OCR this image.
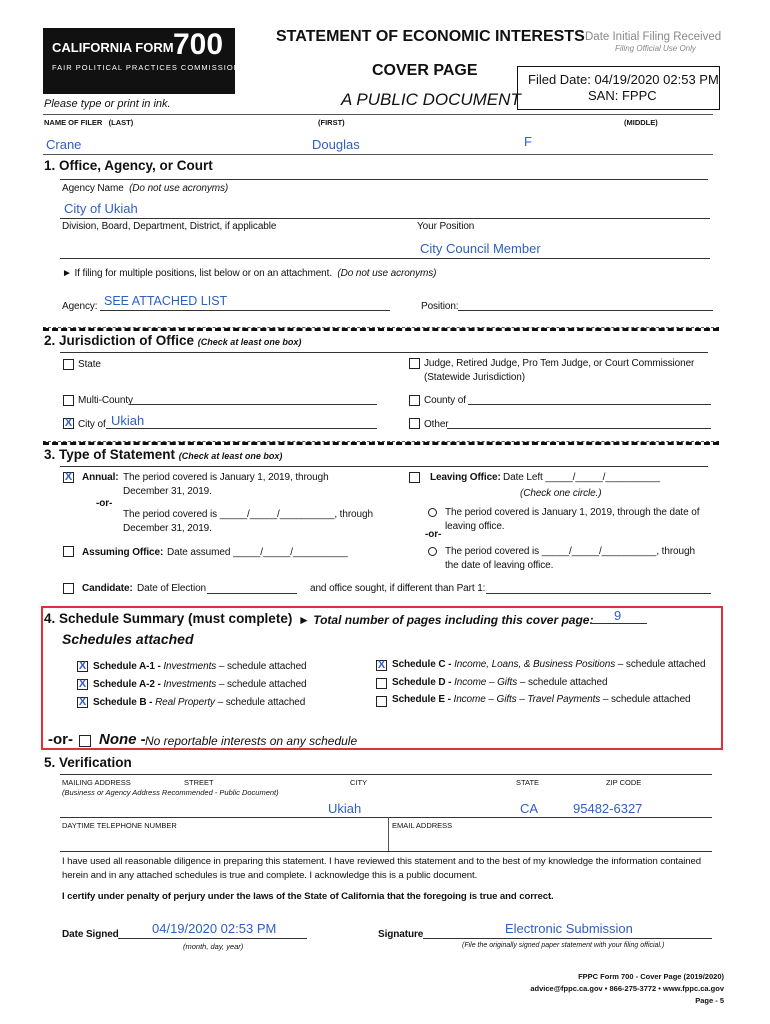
CALIFORNIA FORM 700
FAIR POLITICAL PRACTICES COMMISSION
STATEMENT OF ECONOMIC INTERESTS
COVER PAGE
A PUBLIC DOCUMENT
Please type or print in ink.
Date Initial Filing Received
Filing Official Use Only
Filed Date: 04/19/2020 02:53 PM
SAN: FPPC
NAME OF FILER (LAST)	(FIRST)	(MIDDLE)
Crane	Douglas	F
1. Office, Agency, or Court
Agency Name (Do not use acronyms)
City of Ukiah
Division, Board, Department, District, if applicable	Your Position
City Council Member
► If filing for multiple positions, list below or on an attachment. (Do not use acronyms)
Agency: SEE ATTACHED LIST	Position:
2. Jurisdiction of Office (Check at least one box)
State	Judge, Retired Judge, Pro Tem Judge, or Court Commissioner
(Statewide Jurisdiction)
Multi-County	County of
X City of Ukiah	Other
3. Type of Statement (Check at least one box)
X Annual: The period covered is January 1, 2019, through
December 31, 2019.
-or-
The period covered is _____/_____/__________, through
December 31, 2019.
Assuming Office: Date assumed _____/_____/__________
Leaving Office: Date Left _____/_____/__________
(Check one circle.)
The period covered is January 1, 2019, through the date of
leaving office.
-or-
The period covered is _____/_____/__________, through
the date of leaving office.
Candidate: Date of Election	and office sought, if different than Part 1:
4. Schedule Summary (must complete) ► Total number of pages including this cover page: 9
Schedules attached
X Schedule A-1 - Investments – schedule attached
X Schedule A-2 - Investments – schedule attached
X Schedule B - Real Property – schedule attached
X Schedule C - Income, Loans, & Business Positions – schedule attached
Schedule D - Income – Gifts – schedule attached
Schedule E - Income – Gifts – Travel Payments – schedule attached
-or- None - No reportable interests on any schedule
5. Verification
MAILING ADDRESS	STREET	CITY	STATE	ZIP CODE
(Business or Agency Address Recommended - Public Document)
Ukiah	CA	95482-6327
DAYTIME TELEPHONE NUMBER	EMAIL ADDRESS
I have used all reasonable diligence in preparing this statement. I have reviewed this statement and to the best of my knowledge the information contained
herein and in any attached schedules is true and complete. I acknowledge this is a public document.
I certify under penalty of perjury under the laws of the State of California that the foregoing is true and correct.
Date Signed	04/19/2020 02:53 PM
(month, day, year)
Signature	Electronic Submission
(File the originally signed paper statement with your filing official.)
FPPC Form 700 - Cover Page (2019/2020)
advice@fppc.ca.gov • 866-275-3772 • www.fppc.ca.gov
Page - 5
